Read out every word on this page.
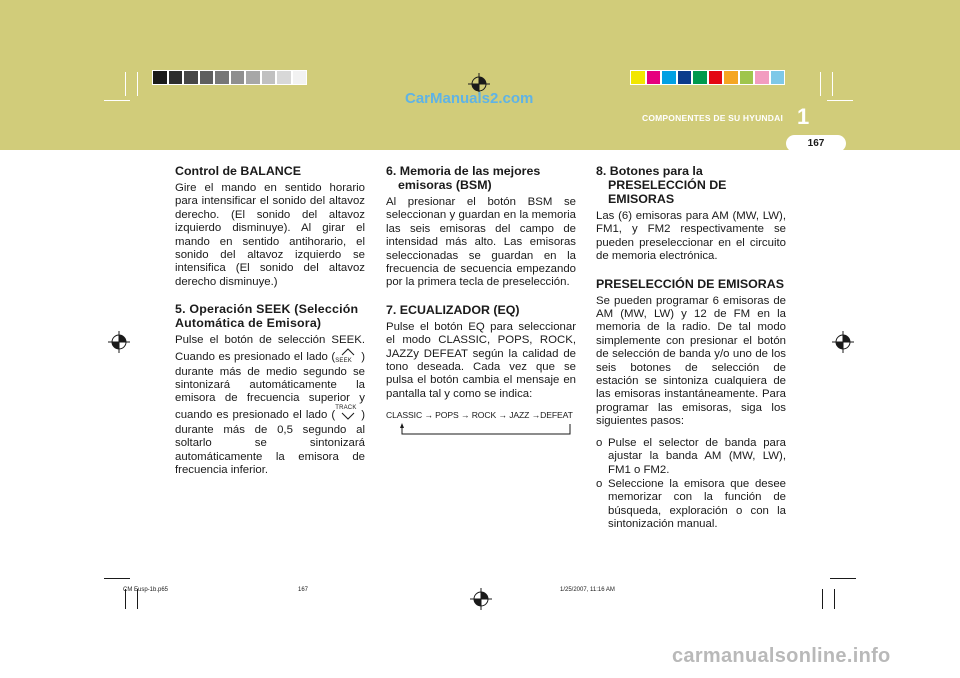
CarManuals2.com
COMPONENTES DE SU HYUNDAI 1
167
Control de BALANCE
Gire el mando en sentido horario para intensificar el sonido del altavoz derecho. (El sonido del altavoz izquierdo disminuye). Al girar el mando en sentido antihorario, el sonido del altavoz izquierdo se intensifica (El sonido del altavoz derecho disminuye.)
5. Operación SEEK (Selección Automática de Emisora)
Pulse el botón de selección SEEK. Cuando es presionado el lado ( SEEK ) durante más de medio segundo se sintonizará automáticamente la emisora de frecuencia superior y cuando es presionado el lado (
TRACK
) durante más de 0,5 segundo al soltarlo se sintonizará automáticamente la emisora de frecuencia inferior.
6. Memoria de las mejores
emisoras (BSM)
Al presionar el botón BSM se seleccionan y guardan en la memoria las seis emisoras del campo de intensidad más alto. Las emisoras seleccionadas se guardan en la frecuencia de secuencia empezando por la primera tecla de preselección.
7. ECUALIZADOR (EQ)
Pulse el botón EQ para seleccionar el modo CLASSIC, POPS, ROCK, JAZZy DEFEAT según la calidad de tono deseada. Cada vez que se pulsa el botón cambia el mensaje en pantalla tal y como se indica:
CLASSIC → POPS → ROCK → JAZZ →DEFEAT
8. Botones para la
PRESELECCIÓN DE
EMISORAS
Las (6) emisoras para AM (MW, LW), FM1, y FM2 respectivamente se pueden preseleccionar en el circuito de memoria electrónica.
PRESELECCIÓN DE EMISORAS
Se pueden programar 6 emisoras de AM (MW, LW) y 12 de FM en la memoria de la radio. De tal modo simplemente con presionar el botón de selección de banda y/o uno de los seis botones de selección de estación se sintoniza cualquiera de las emisoras instantáneamente. Para programar las emisoras, siga los siguientes pasos:
o Pulse el selector de banda para ajustar la banda AM (MW, LW), FM1 o FM2.
o Seleccione la emisora que desee memorizar con la función de búsqueda, exploración o con la sintonización manual.
CM Eusp-1b.p65	167	1/25/2007, 11:16 AM
carmanualsonline.info
